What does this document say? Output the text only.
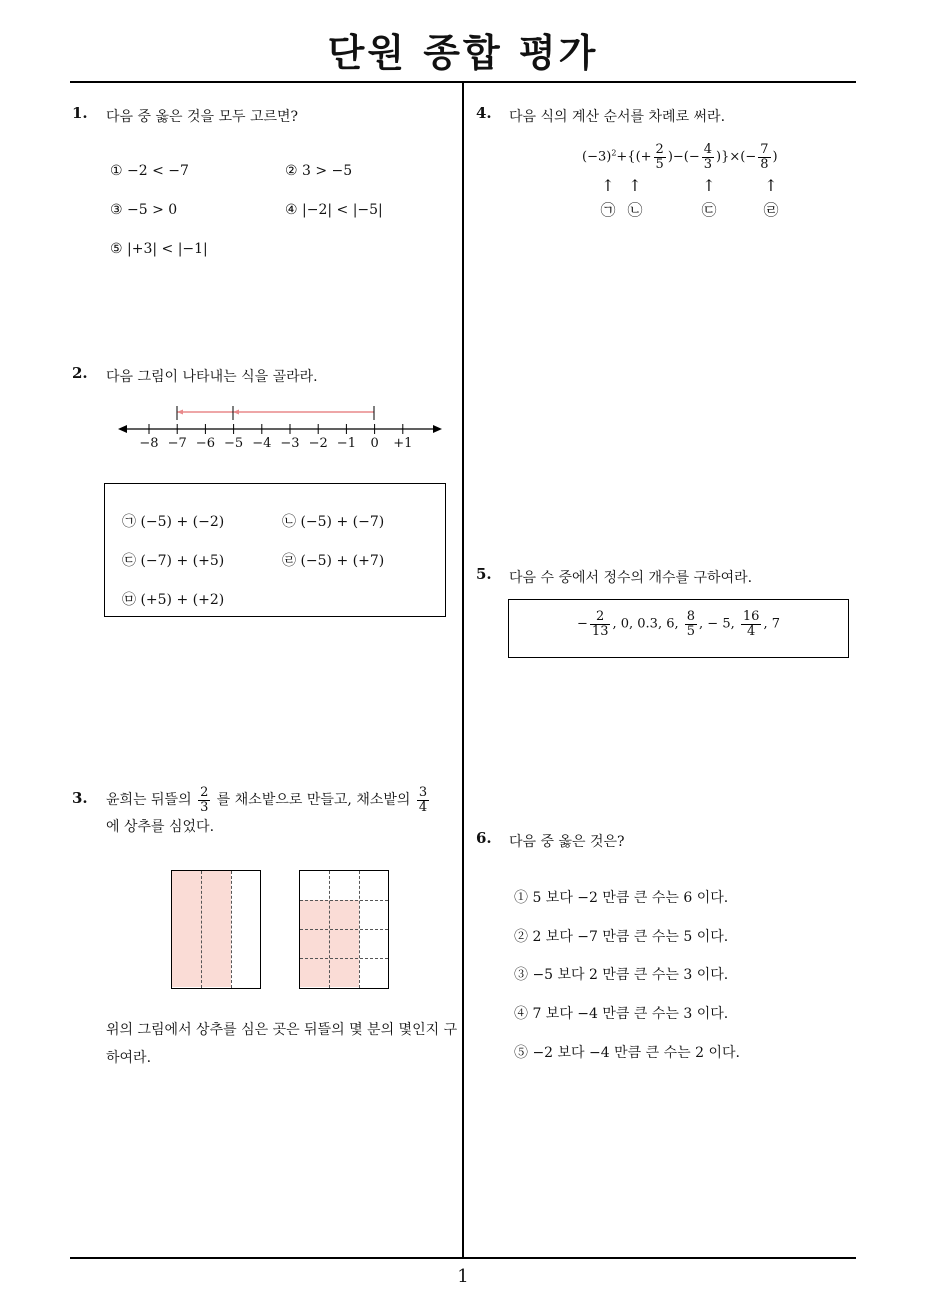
단원 종합 평가
1
1. 다음 중 옳은 것을 모두 고르면?
① −2 < −7	② 3 > −5
③ −5 > 0	④ |−2| < |−5|
⑤ |+3| < |−1|
2. 다음 그림이 나타내는 식을 골라라.
−8 −7 −6 −5 −4 −3 −2 −1 0 +1
㉠ (−5) + (−2)	㉡ (−5) + (−7)
㉢ (−7) + (+5)	㉣ (−5) + (+7)
㉤ (+5) + (+2)
3. 윤희는 뒤뜰의 $\frac{2}{3}$ 를 채소밭으로 만들고, 채소밭의 $\frac{3}{4}$

에 상추를 심었다.
위의 그림에서 상추를 심은 곳은 뒤뜰의 몇 분의 몇인지 구하여라.
4. 다음 식의 계산 순서를 차례로 써라.
$(-3)^2+\{(+ \frac{2}{5}$ )−(− $\frac{4}{3}$ )}×(− $\frac{7}{8}$ )
↑ ↑	↑	↑
㉠ ㉡	㉢	㉣
5. 다음 수 중에서 정수의 개수를 구하여라.
− $\frac{2}{13}$ , 0, 0.3, 6, $\frac{8}{5}$ , − 5, $\frac{16}{4}$ , 7
6. 다음 중 옳은 것은?
① 5 보다 −2 만큼 큰 수는 6 이다.
② 2 보다 −7 만큼 큰 수는 5 이다.
③ −5 보다 2 만큼 큰 수는 3 이다.
④ 7 보다 −4 만큼 큰 수는 3 이다.
⑤ −2 보다 −4 만큼 큰 수는 2 이다.
